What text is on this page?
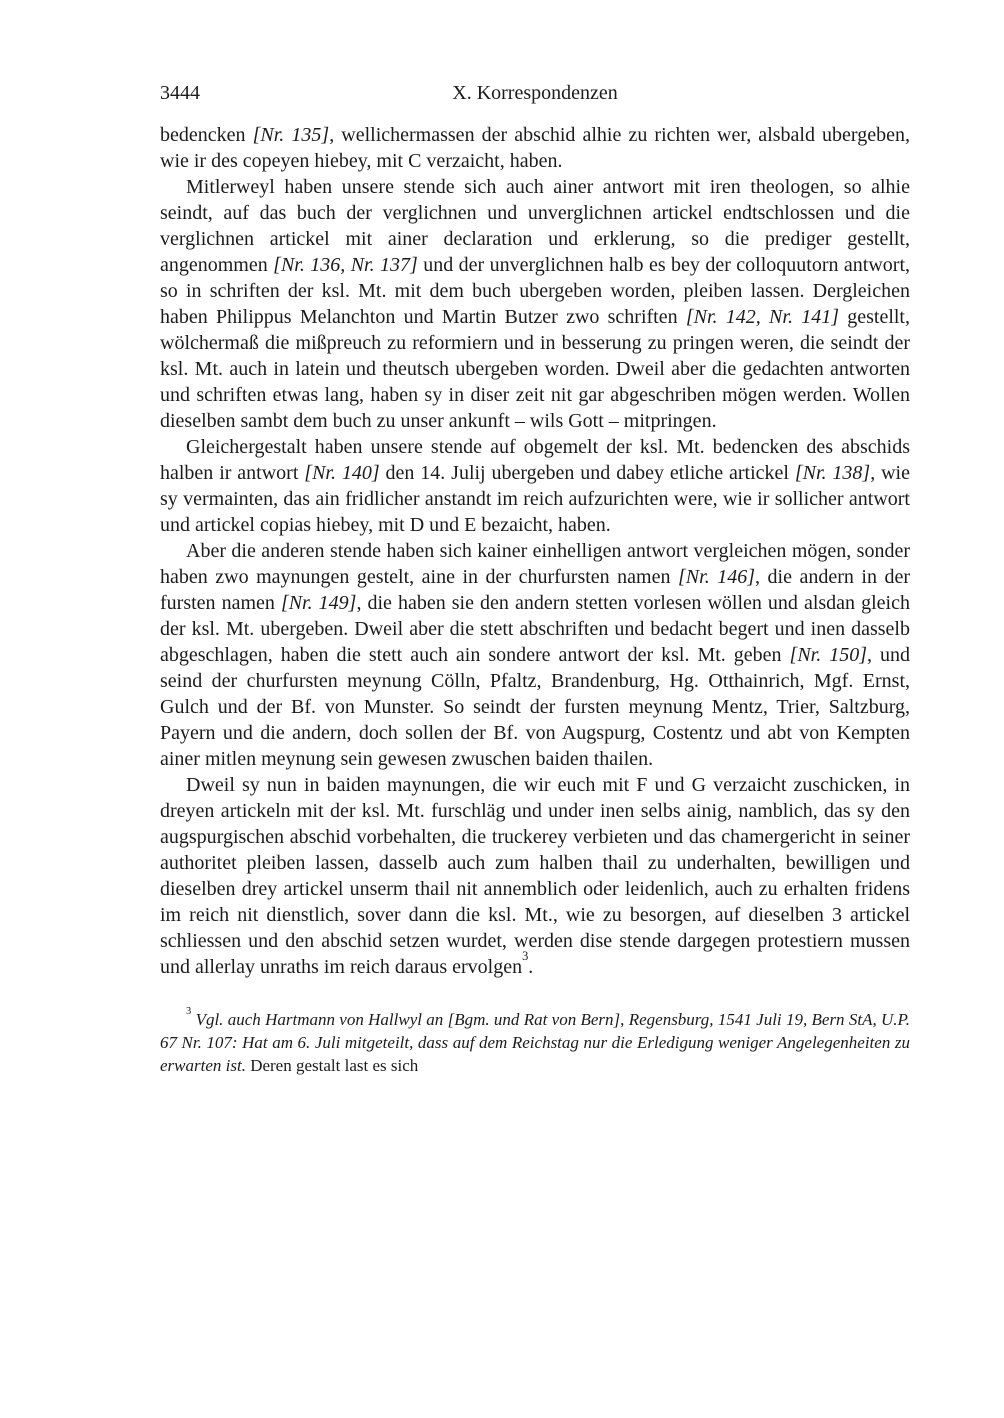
3444	X. Korrespondenzen

bedencken [Nr. 135], wellichermassen der abschid alhie zu richten wer, alsbald ubergeben, wie ir des copeyen hiebey, mit C verzaicht, haben.

Mitlerweyl haben unsere stende sich auch ainer antwort mit iren theologen, so alhie seindt, auf das buch der verglichnen und unverglichnen artickel endtschlossen und die verglichnen artickel mit ainer declaration und erklerung, so die prediger gestellt, angenommen [Nr. 136, Nr. 137] und der unverglichnen halb es bey der colloquutorn antwort, so in schriften der ksl. Mt. mit dem buch ubergeben worden, pleiben lassen. Dergleichen haben Philippus Melanchton und Martin Butzer zwo schriften [Nr. 142, Nr. 141] gestellt, wölchermaß die mißpreuch zu reformiern und in besserung zu pringen weren, die seindt der ksl. Mt. auch in latein und theutsch ubergeben worden. Dweil aber die gedachten antworten und schriften etwas lang, haben sy in diser zeit nit gar abgeschriben mögen werden. Wollen dieselben sambt dem buch zu unser ankunft – wils Gott – mitpringen.

Gleichergestalt haben unsere stende auf obgemelt der ksl. Mt. bedencken des abschids halben ir antwort [Nr. 140] den 14. Julij ubergeben und dabey etliche artickel [Nr. 138], wie sy vermainten, das ain fridlicher anstandt im reich aufzurichten were, wie ir sollicher antwort und artickel copias hiebey, mit D und E bezaicht, haben.

Aber die anderen stende haben sich kainer einhelligen antwort vergleichen mögen, sonder haben zwo maynungen gestelt, aine in der churfursten namen [Nr. 146], die andern in der fursten namen [Nr. 149], die haben sie den andern stetten vorlesen wöllen und alsdan gleich der ksl. Mt. ubergeben. Dweil aber die stett abschriften und bedacht begert und inen dasselb abgeschlagen, haben die stett auch ain sondere antwort der ksl. Mt. geben [Nr. 150], und seind der churfursten meynung Cölln, Pfaltz, Brandenburg, Hg. Otthainrich, Mgf. Ernst, Gulch und der Bf. von Munster. So seindt der fursten meynung Mentz, Trier, Saltzburg, Payern und die andern, doch sollen der Bf. von Augspurg, Costentz und abt von Kempten ainer mitlen meynung sein gewesen zwuschen baiden thailen.

Dweil sy nun in baiden maynungen, die wir euch mit F und G verzaicht zuschicken, in dreyen artickeln mit der ksl. Mt. furschläg und under inen selbs ainig, namblich, das sy den augspurgischen abschid vorbehalten, die truckerey verbieten und das chamergericht in seiner authoritet pleiben lassen, dasselb auch zum halben thail zu underhalten, bewilligen und dieselben drey artickel unserm thail nit annemblich oder leidenlich, auch zu erhalten fridens im reich nit dienstlich, sover dann die ksl. Mt., wie zu besorgen, auf dieselben 3 artickel schliessen und den abschid setzen wurdet, werden dise stende dargegen protestiern mussen und allerlay unraths im reich daraus ervolgen$^3$.

$^3$ Vgl. auch Hartmann von Hallwyl an [Bgm. und Rat von Bern], Regensburg, 1541 Juli 19, Bern StA, U.P. 67 Nr. 107: Hat am 6. Juli mitgeteilt, dass auf dem Reichstag nur die Erledigung weniger Angelegenheiten zu erwarten ist. Deren gestalt last es sich
